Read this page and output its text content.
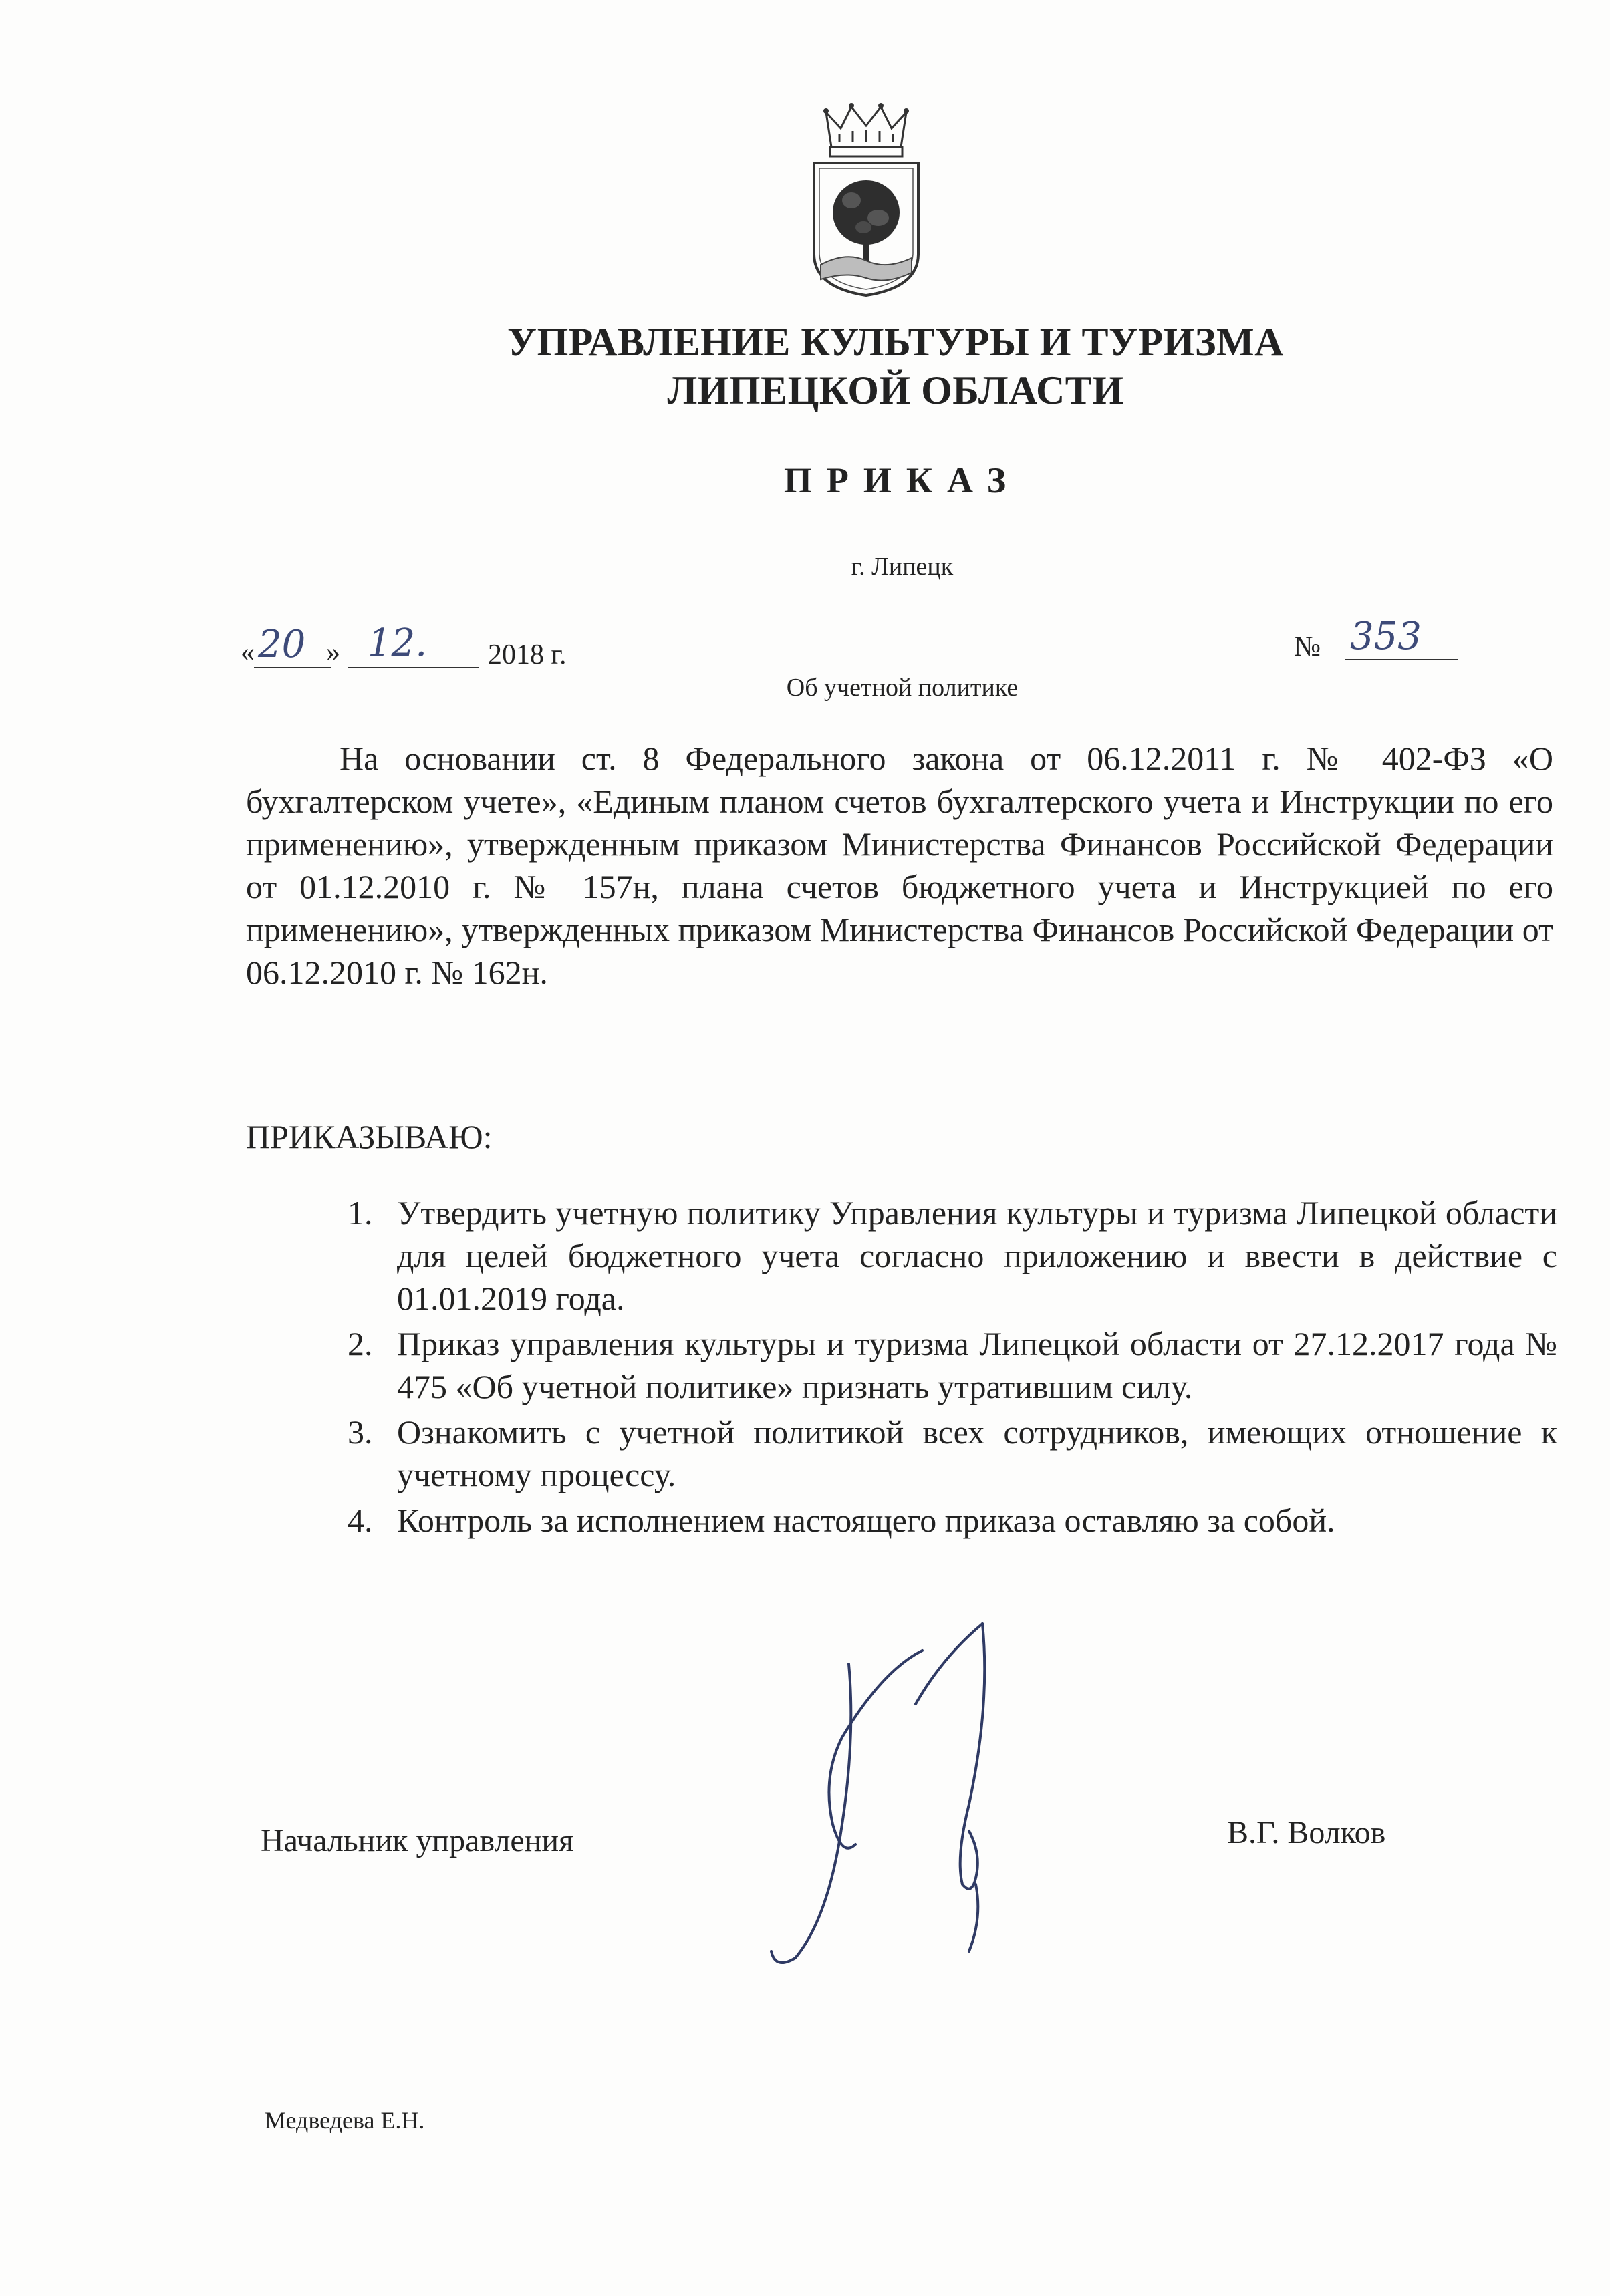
УПРАВЛЕНИЕ КУЛЬТУРЫ И ТУРИЗМА
ЛИПЕЦКОЙ ОБЛАСТИ
ПРИКАЗ
г. Липецк
« 20 » 12. 2018 г.	№ 353
Об учетной политике
На основании ст. 8 Федерального закона от 06.12.2011 г. № 402-ФЗ «О бухгалтерском учете», «Единым планом счетов бухгалтерского учета и Инструкции по его применению», утвержденным приказом Министерства Финансов Российской Федерации от 01.12.2010 г. № 157н, плана счетов бюджетного учета и Инструкцией по его применению», утвержденных приказом Министерства Финансов Российской Федерации от 06.12.2010 г. № 162н.
ПРИКАЗЫВАЮ:
1. Утвердить учетную политику Управления культуры и туризма Липецкой области для целей бюджетного учета согласно приложению и ввести в действие с 01.01.2019 года.
2. Приказ управления культуры и туризма Липецкой области от 27.12.2017 года № 475 «Об учетной политике» признать утратившим силу.
3. Ознакомить с учетной политикой всех сотрудников, имеющих отношение к учетному процессу.
4. Контроль за исполнением настоящего приказа оставляю за собой.
Начальник управления	В.Г. Волков
Медведева Е.Н.
